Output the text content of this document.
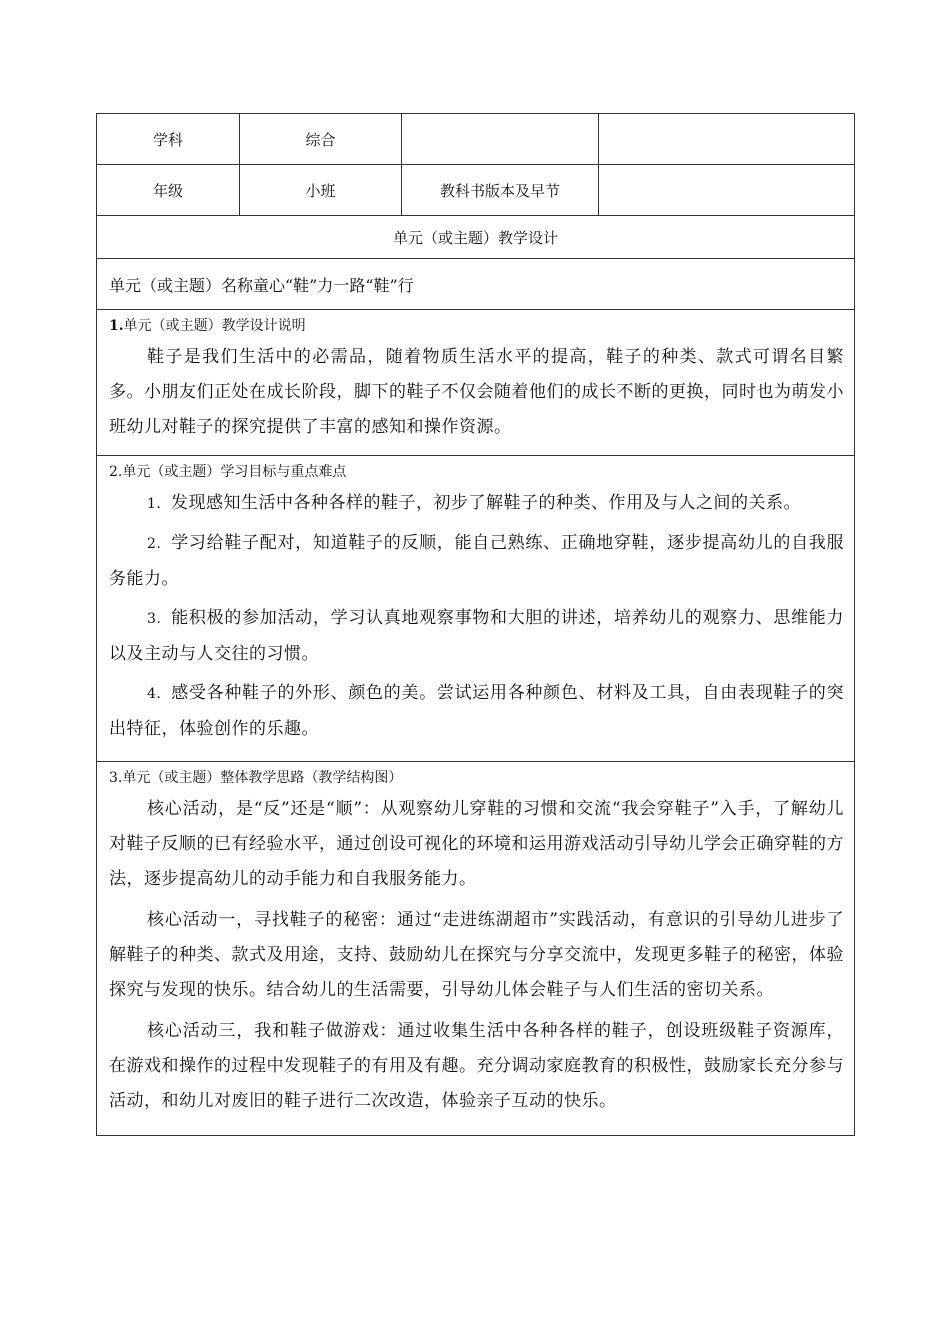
学科	综合		
年级	小班	教科书版本及早节	
单元（或主题）教学设计			
单元（或主题）名称童心“鞋”力一路“鞋”行			

1.单元（或主题）教学设计说明

鞋子是我们生活中的必需品，随着物质生活水平的提高，鞋子的种类、款式可谓名目繁多。小朋友们正处在成长阶段，脚下的鞋子不仅会随着他们的成长不断的更换，同时也为萌发小班幼儿对鞋子的探究提供了丰富的感知和操作资源。			

2.单元（或主题）学习目标与重点难点

1. 发现感知生活中各种各样的鞋子，初步了解鞋子的种类、作用及与人之间的关系。

2. 学习给鞋子配对，知道鞋子的反顺，能自己熟练、正确地穿鞋，逐步提高幼儿的自我服务能力。

3. 能积极的参加活动，学习认真地观察事物和大胆的讲述，培养幼儿的观察力、思维能力以及主动与人交往的习惯。

4. 感受各种鞋子的外形、颜色的美。尝试运用各种颜色、材料及工具，自由表现鞋子的突出特征，体验创作的乐趣。			

3.单元（或主题）整体教学思路（教学结构图）

核心活动，是“反”还是“顺”：从观察幼儿穿鞋的习惯和交流“我会穿鞋子”入手，了解幼儿对鞋子反顺的已有经验水平，通过创设可视化的环境和运用游戏活动引导幼儿学会正确穿鞋的方法，逐步提高幼儿的动手能力和自我服务能力。

核心活动一，寻找鞋子的秘密：通过“走进练湖超市”实践活动，有意识的引导幼儿进步了解鞋子的种类、款式及用途，支持、鼓励幼儿在探究与分享交流中，发现更多鞋子的秘密，体验探究与发现的快乐。结合幼儿的生活需要，引导幼儿体会鞋子与人们生活的密切关系。

核心活动三，我和鞋子做游戏：通过收集生活中各种各样的鞋子，创设班级鞋子资源库，在游戏和操作的过程中发现鞋子的有用及有趣。充分调动家庭教育的积极性，鼓励家长充分参与活动，和幼儿对废旧的鞋子进行二次改造，体验亲子互动的快乐。			
